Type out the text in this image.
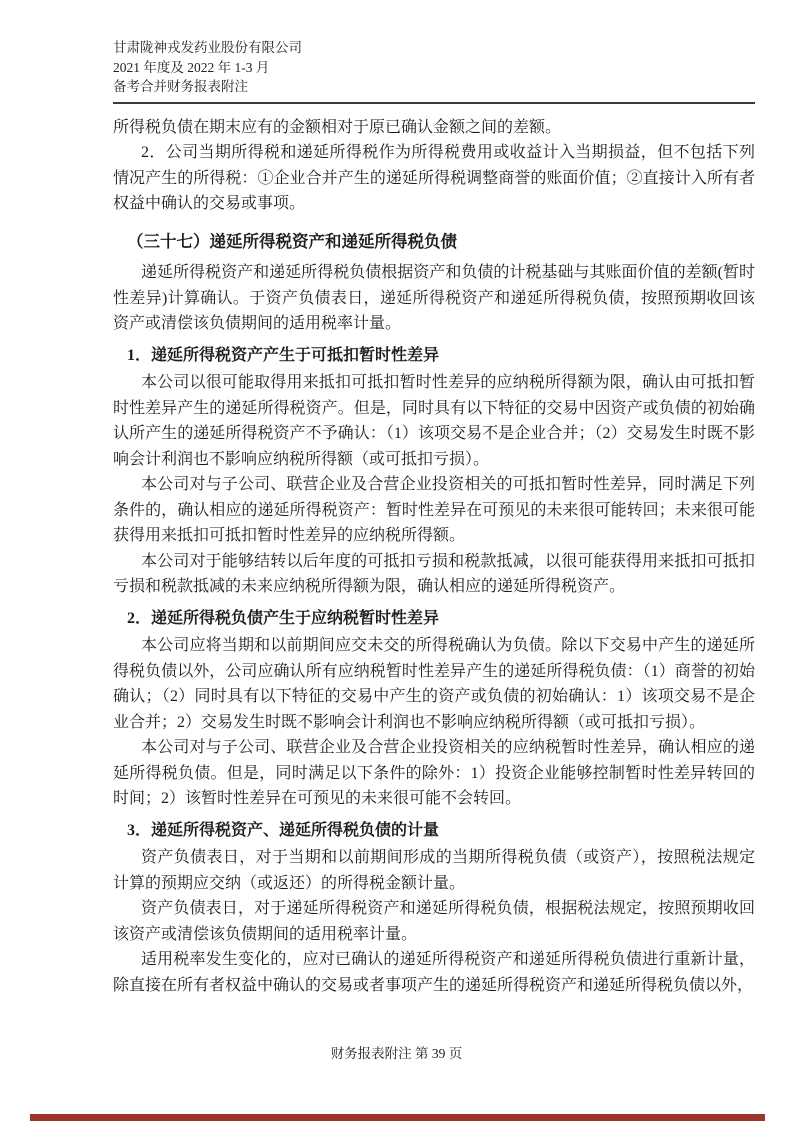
甘肃陇神戎发药业股份有限公司
2021 年度及 2022 年 1-3 月
备考合并财务报表附注

所得税负债在期末应有的金额相对于原已确认金额之间的差额。

2．公司当期所得税和递延所得税作为所得税费用或收益计入当期损益，但不包括下列情况产生的所得税：①企业合并产生的递延所得税调整商誉的账面价值；②直接计入所有者权益中确认的交易或事项。

（三十七）递延所得税资产和递延所得税负债

递延所得税资产和递延所得税负债根据资产和负债的计税基础与其账面价值的差额(暂时性差异)计算确认。于资产负债表日，递延所得税资产和递延所得税负债，按照预期收回该资产或清偿该负债期间的适用税率计量。

1．递延所得税资产产生于可抵扣暂时性差异

本公司以很可能取得用来抵扣可抵扣暂时性差异的应纳税所得额为限，确认由可抵扣暂时性差异产生的递延所得税资产。但是，同时具有以下特征的交易中因资产或负债的初始确认所产生的递延所得税资产不予确认：（1）该项交易不是企业合并；（2）交易发生时既不影响会计利润也不影响应纳税所得额（或可抵扣亏损）。

本公司对与子公司、联营企业及合营企业投资相关的可抵扣暂时性差异，同时满足下列条件的，确认相应的递延所得税资产：暂时性差异在可预见的未来很可能转回；未来很可能获得用来抵扣可抵扣暂时性差异的应纳税所得额。

本公司对于能够结转以后年度的可抵扣亏损和税款抵减，以很可能获得用来抵扣可抵扣亏损和税款抵减的未来应纳税所得额为限，确认相应的递延所得税资产。

2．递延所得税负债产生于应纳税暂时性差异

本公司应将当期和以前期间应交未交的所得税确认为负债。除以下交易中产生的递延所得税负债以外，公司应确认所有应纳税暂时性差异产生的递延所得税负债：（1）商誉的初始确认；（2）同时具有以下特征的交易中产生的资产或负债的初始确认：1）该项交易不是企业合并；2）交易发生时既不影响会计利润也不影响应纳税所得额（或可抵扣亏损）。

本公司对与子公司、联营企业及合营企业投资相关的应纳税暂时性差异，确认相应的递延所得税负债。但是，同时满足以下条件的除外：1）投资企业能够控制暂时性差异转回的时间；2）该暂时性差异在可预见的未来很可能不会转回。

3．递延所得税资产、递延所得税负债的计量

资产负债表日，对于当期和以前期间形成的当期所得税负债（或资产），按照税法规定计算的预期应交纳（或返还）的所得税金额计量。

资产负债表日，对于递延所得税资产和递延所得税负债，根据税法规定，按照预期收回该资产或清偿该负债期间的适用税率计量。

适用税率发生变化的，应对已确认的递延所得税资产和递延所得税负债进行重新计量，除直接在所有者权益中确认的交易或者事项产生的递延所得税资产和递延所得税负债以外，

财务报表附注 第 39 页
